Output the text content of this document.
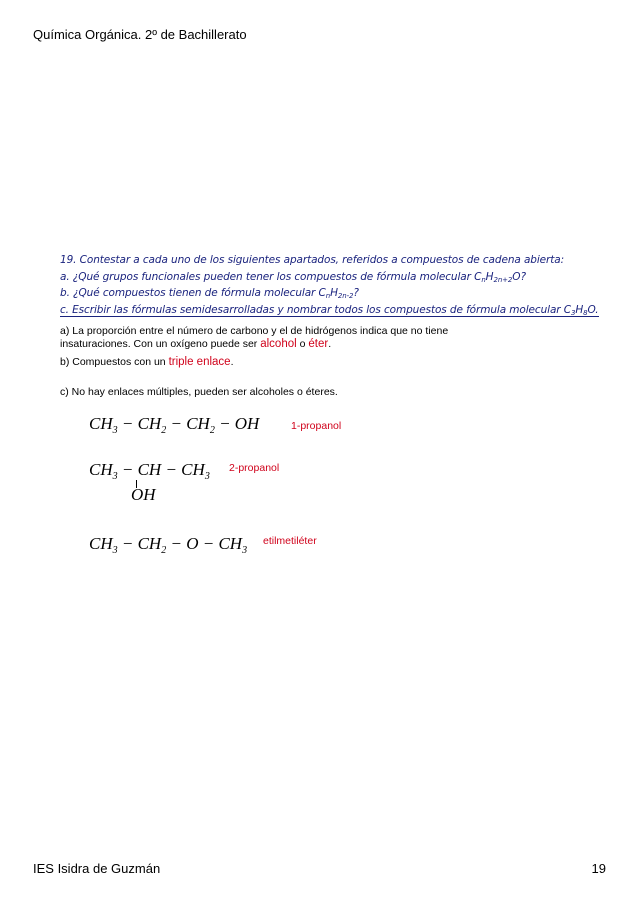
Química Orgánica. 2º de Bachillerato
19. Contestar a cada uno de los siguientes apartados, referidos a compuestos de cadena abierta:
a. ¿Qué grupos funcionales pueden tener los compuestos de fórmula molecular $C_nH_{2n+2}O$?
b. ¿Qué compuestos tienen de fórmula molecular $C_nH_{2n-2}$?
c. Escribir las fórmulas semidesarrolladas y nombrar todos los compuestos de fórmula molecular $C_3H_8O$.
a) La proporción entre el número de carbono y el de hidrógenos indica que no tiene
insaturaciones. Con un oxígeno puede ser alcohol o éter.
b) Compuestos con un triple enlace.
c) No hay enlaces múltiples, pueden ser alcoholes o éteres.
$CH_3 - CH_2 - CH_2$ − OH	1-propanol
$CH_3$ − CH − $CH_3$
OH
2-propanol
$CH_3 - CH_2 - O - CH_3$
etilmetiléter
IES Isidra de Guzmán	19
